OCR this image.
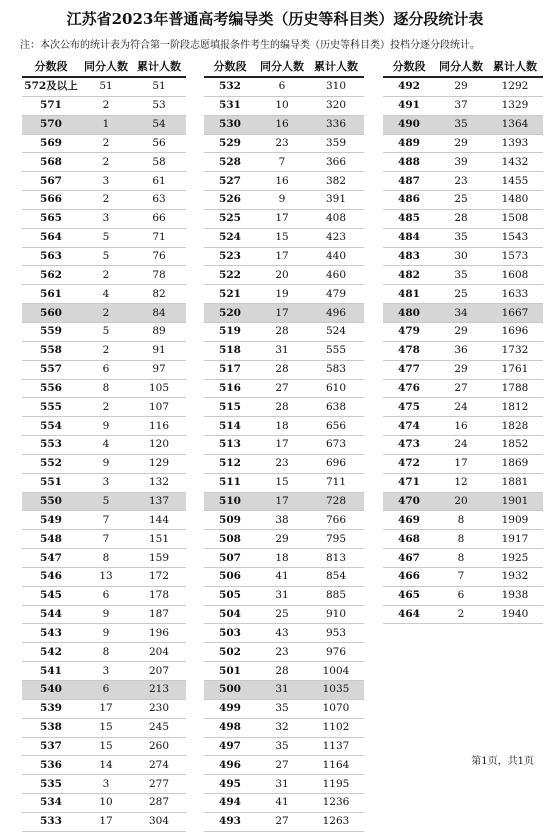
江苏省2023年普通高考编导类（历史等科目类）逐分段统计表
注：本次公布的统计表为符合第一阶段志愿填报条件考生的编导类（历史等科目类）投档分逐分段统计。
分数段	同分人数	累计人数
572及以上	51	51
571	2	53
570	1	54
569	2	56
568	2	58
567	3	61
566	2	63
565	3	66
564	5	71
563	5	76
562	2	78
561	4	82
560	2	84
559	5	89
558	2	91
557	6	97
556	8	105
555	2	107
554	9	116
553	4	120
552	9	129
551	3	132
550	5	137
549	7	144
548	7	151
547	8	159
546	13	172
545	6	178
544	9	187
543	9	196
542	8	204
541	3	207
540	6	213
539	17	230
538	15	245
537	15	260
536	14	274
535	3	277
534	10	287
533	17	304
分数段	同分人数	累计人数
532	6	310
531	10	320
530	16	336
529	23	359
528	7	366
527	16	382
526	9	391
525	17	408
524	15	423
523	17	440
522	20	460
521	19	479
520	17	496
519	28	524
518	31	555
517	28	583
516	27	610
515	28	638
514	18	656
513	17	673
512	23	696
511	15	711
510	17	728
509	38	766
508	29	795
507	18	813
506	41	854
505	31	885
504	25	910
503	43	953
502	23	976
501	28	1004
500	31	1035
499	35	1070
498	32	1102
497	35	1137
496	27	1164
495	31	1195
494	41	1236
493	27	1263
分数段	同分人数	累计人数
492	29	1292
491	37	1329
490	35	1364
489	29	1393
488	39	1432
487	23	1455
486	25	1480
485	28	1508
484	35	1543
483	30	1573
482	35	1608
481	25	1633
480	34	1667
479	29	1696
478	36	1732
477	29	1761
476	27	1788
475	24	1812
474	16	1828
473	24	1852
472	17	1869
471	12	1881
470	20	1901
469	8	1909
468	8	1917
467	8	1925
466	7	1932
465	6	1938
464	2	1940
第1页，共1页
